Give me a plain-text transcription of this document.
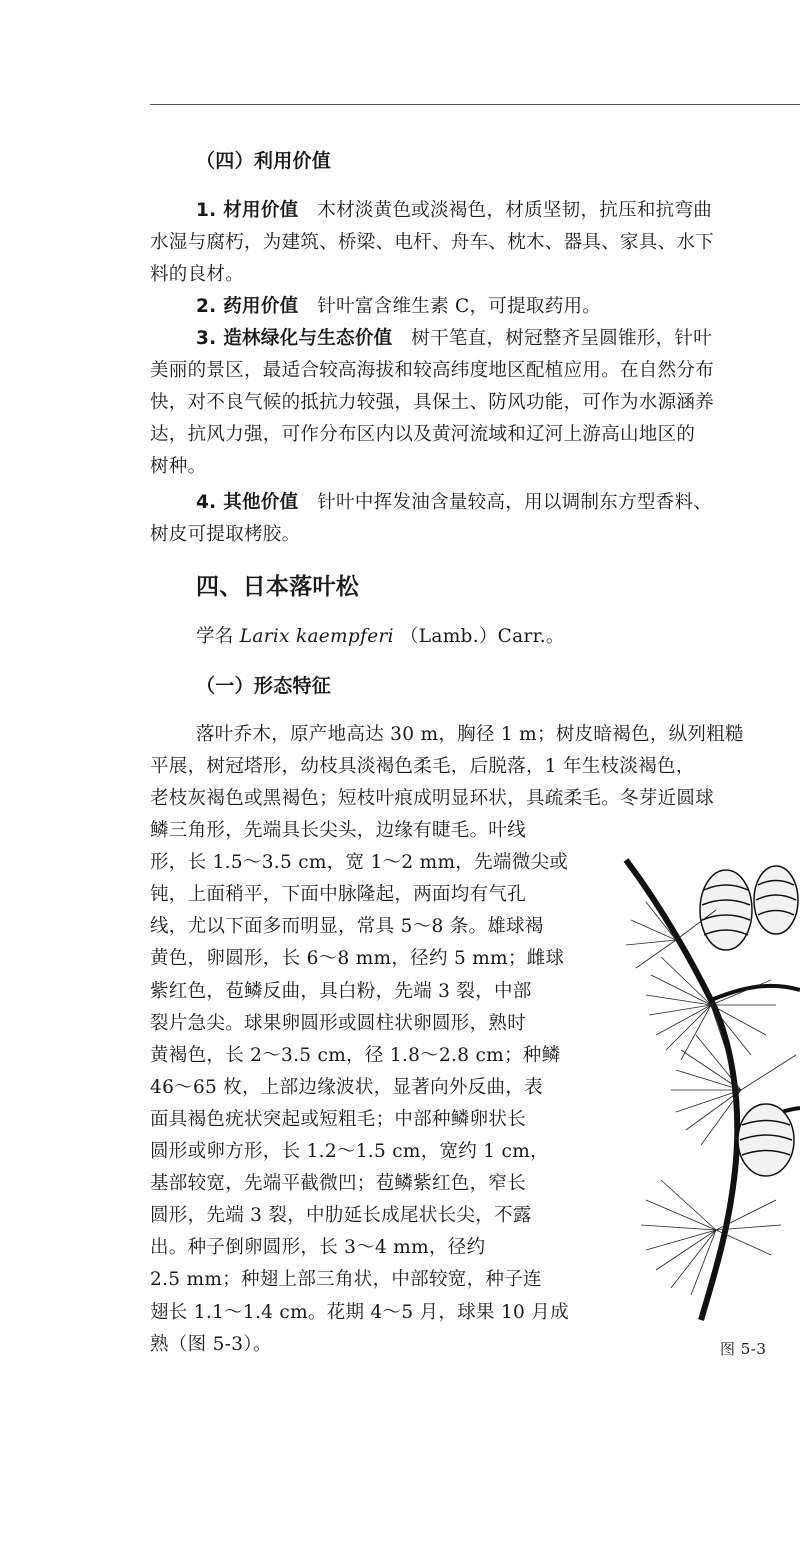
（四）利用价值
1. 材用价值　 木材淡黄色或淡褐色，材质坚韧，抗压和抗弯曲
水湿与腐朽，为建筑、桥梁、电杆、舟车、枕木、器具、家具、水下
料的良材。
2. 药用价值　 针叶富含维生素 C，可提取药用。
3. 造林绿化与生态价值　 树干笔直，树冠整齐呈圆锥形，针叶
美丽的景区，最适合较高海拔和较高纬度地区配植应用。在自然分布
快，对不良气候的抵抗力较强，具保土、防风功能，可作为水源涵养
达，抗风力强，可作分布区内以及黄河流域和辽河上游高山地区的
树种。
4. 其他价值　 针叶中挥发油含量较高，用以调制东方型香料、
树皮可提取栲胶。
四、日本落叶松
学名 Larix kaempferi （Lamb.）Carr.。
（一）形态特征
落叶乔木，原产地高达 30 m，胸径 1 m；树皮暗褐色，纵列粗糙
平展，树冠塔形，幼枝具淡褐色柔毛，后脱落，1 年生枝淡褐色，
老枝灰褐色或黑褐色；短枝叶痕成明显环状，具疏柔毛。冬芽近圆球
鳞三角形，先端具长尖头，边缘有睫毛。叶线
形，长 1.5～3.5 cm，宽 1～2 mm，先端微尖或
钝，上面稍平，下面中脉隆起，两面均有气孔
线，尤以下面多而明显，常具 5～8 条。雄球褐
黄色，卵圆形，长 6～8 mm，径约 5 mm；雌球
紫红色，苞鳞反曲，具白粉，先端 3 裂，中部
裂片急尖。球果卵圆形或圆柱状卵圆形，熟时
黄褐色，长 2～3.5 cm，径 1.8～2.8 cm；种鳞
46～65 枚，上部边缘波状，显著向外反曲，表
面具褐色疣状突起或短粗毛；中部种鳞卵状长
圆形或卵方形，长 1.2～1.5 cm，宽约 1 cm，
基部较宽，先端平截微凹；苞鳞紫红色，窄长
圆形，先端 3 裂，中肋延长成尾状长尖，不露
出。种子倒卵圆形，长 3～4 mm，径约
2.5 mm；种翅上部三角状，中部较宽，种子连
翅长 1.1～1.4 cm。花期 4～5 月，球果 10 月成
熟（图 5-3）。	图 5-3
